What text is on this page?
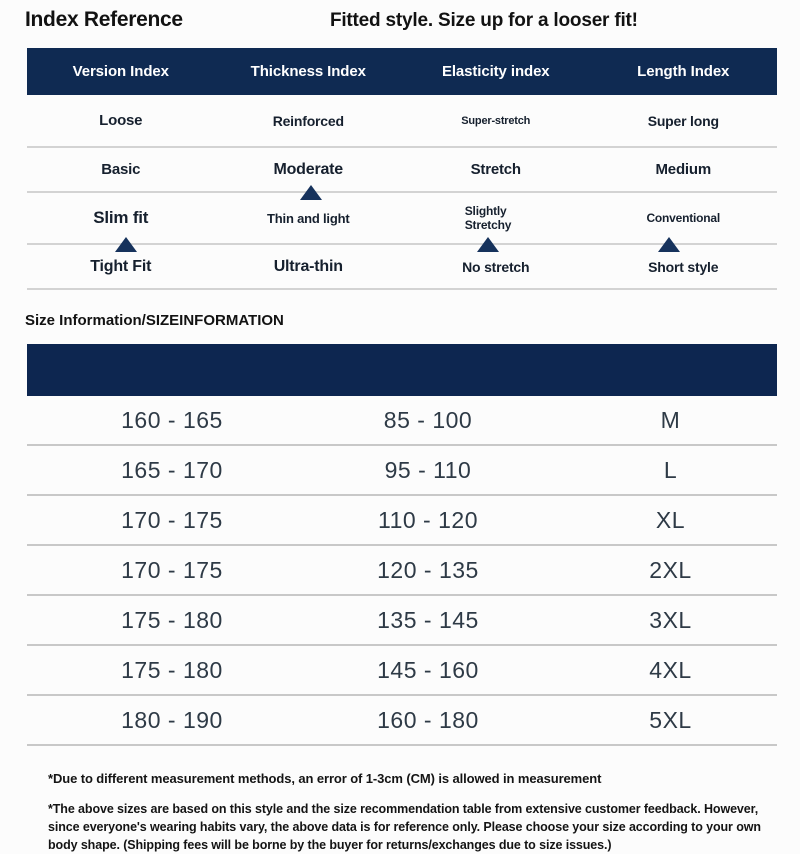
Index Reference	Fitted style. Size up for a looser fit!
Version Index	Thickness Index	Elasticity index	Length Index
Loose	Reinforced	Super-stretch	Super long
Basic	Moderate	Stretch	Medium
Slim fit	Thin and light	Slightly Stretchy	Conventional
Tight Fit	Ultra-thin	No stretch	Short style
Size Information/SIZEINFORMATION
160 - 165	85 - 100	M
165 - 170	95 - 110	L
170 - 175	110 - 120	XL
170 - 175	120 - 135	2XL
175 - 180	135 - 145	3XL
175 - 180	145 - 160	4XL
180 - 190	160 - 180	5XL
*Due to different measurement methods, an error of 1-3cm (CM) is allowed in measurement
*The above sizes are based on this style and the size recommendation table from extensive customer feedback. However, since everyone's wearing habits vary, the above data is for reference only. Please choose your size according to your own body shape. (Shipping fees will be borne by the buyer for returns/exchanges due to size issues.)
